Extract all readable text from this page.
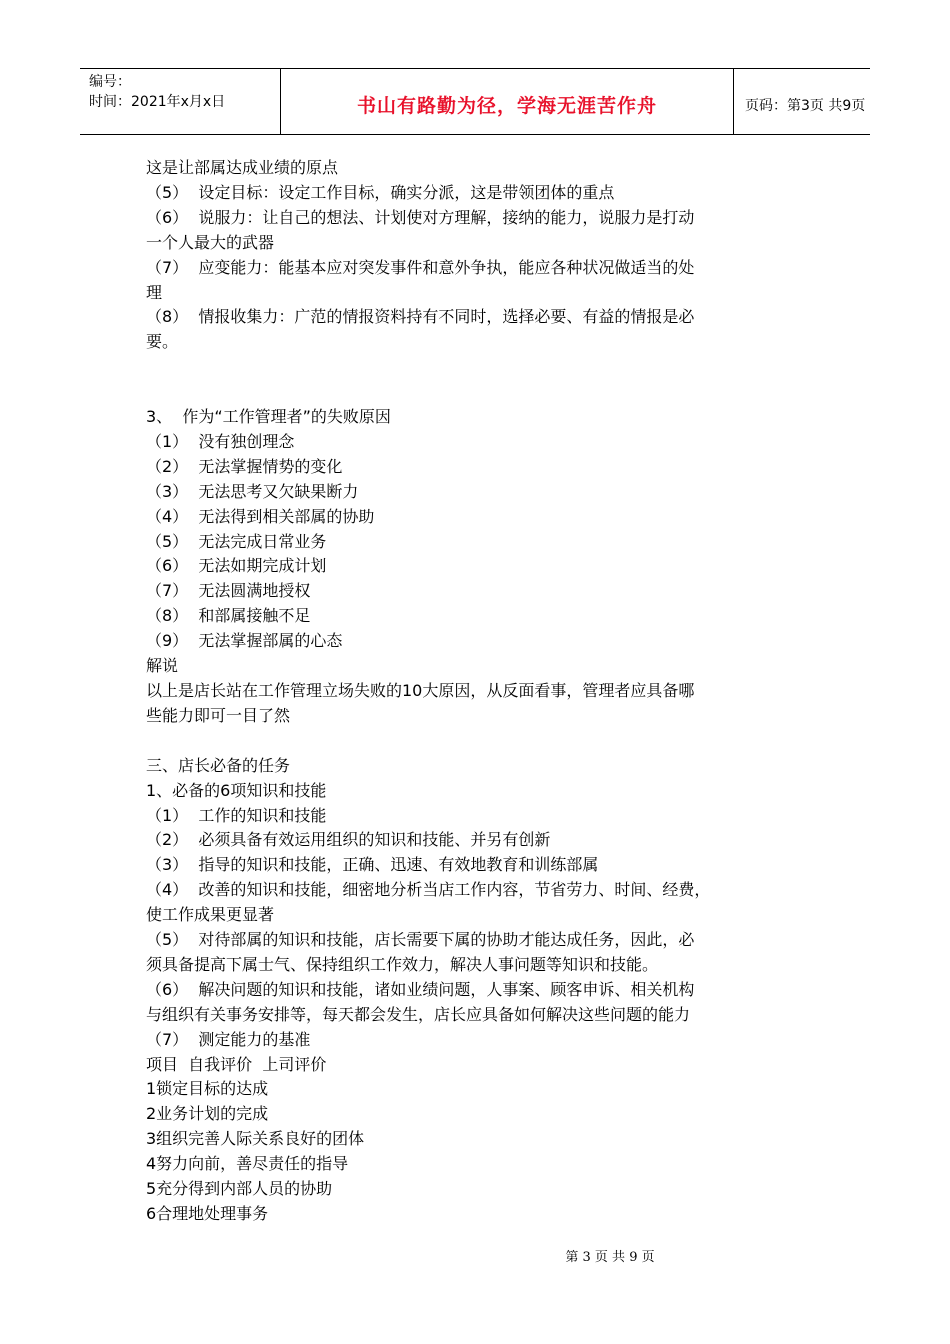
编号：
时间：2021年x月x日	书山有路勤为径，学海无涯苦作舟	页码：第3页 共9页
这是让部属达成业绩的原点
（5）  设定目标：设定工作目标，确实分派，这是带领团体的重点
（6）  说服力：让自己的想法、计划使对方理解，接纳的能力，说服力是打动
一个人最大的武器
（7）  应变能力：能基本应对突发事件和意外争执，能应各种状况做适当的处
理
（8）  情报收集力：广范的情报资料持有不同时，选择必要、有益的情报是必
要。
3、  作为“工作管理者”的失败原因
（1）  没有独创理念
（2）  无法掌握情势的变化
（3）  无法思考又欠缺果断力
（4）  无法得到相关部属的协助
（5）  无法完成日常业务
（6）  无法如期完成计划
（7）  无法圆满地授权
（8）  和部属接触不足
（9）  无法掌握部属的心态
解说
以上是店长站在工作管理立场失败的10大原因，从反面看事，管理者应具备哪
些能力即可一目了然
三、店长必备的任务
1、必备的6项知识和技能
（1）  工作的知识和技能
（2）  必须具备有效运用组织的知识和技能、并另有创新
（3）  指导的知识和技能，正确、迅速、有效地教育和训练部属
（4）  改善的知识和技能，细密地分析当店工作内容，节省劳力、时间、经费，
使工作成果更显著
（5）  对待部属的知识和技能，店长需要下属的协助才能达成任务，因此，必
须具备提高下属士气、保持组织工作效力，解决人事问题等知识和技能。
（6）  解决问题的知识和技能，诸如业绩问题，人事案、顾客申诉、相关机构
与组织有关事务安排等，每天都会发生，店长应具备如何解决这些问题的能力
（7）  测定能力的基准
项目  自我评价  上司评价
1锁定目标的达成
2业务计划的完成
3组织完善人际关系良好的团体
4努力向前，善尽责任的指导
5充分得到内部人员的协助
6合理地处理事务
第 3 页 共 9 页
